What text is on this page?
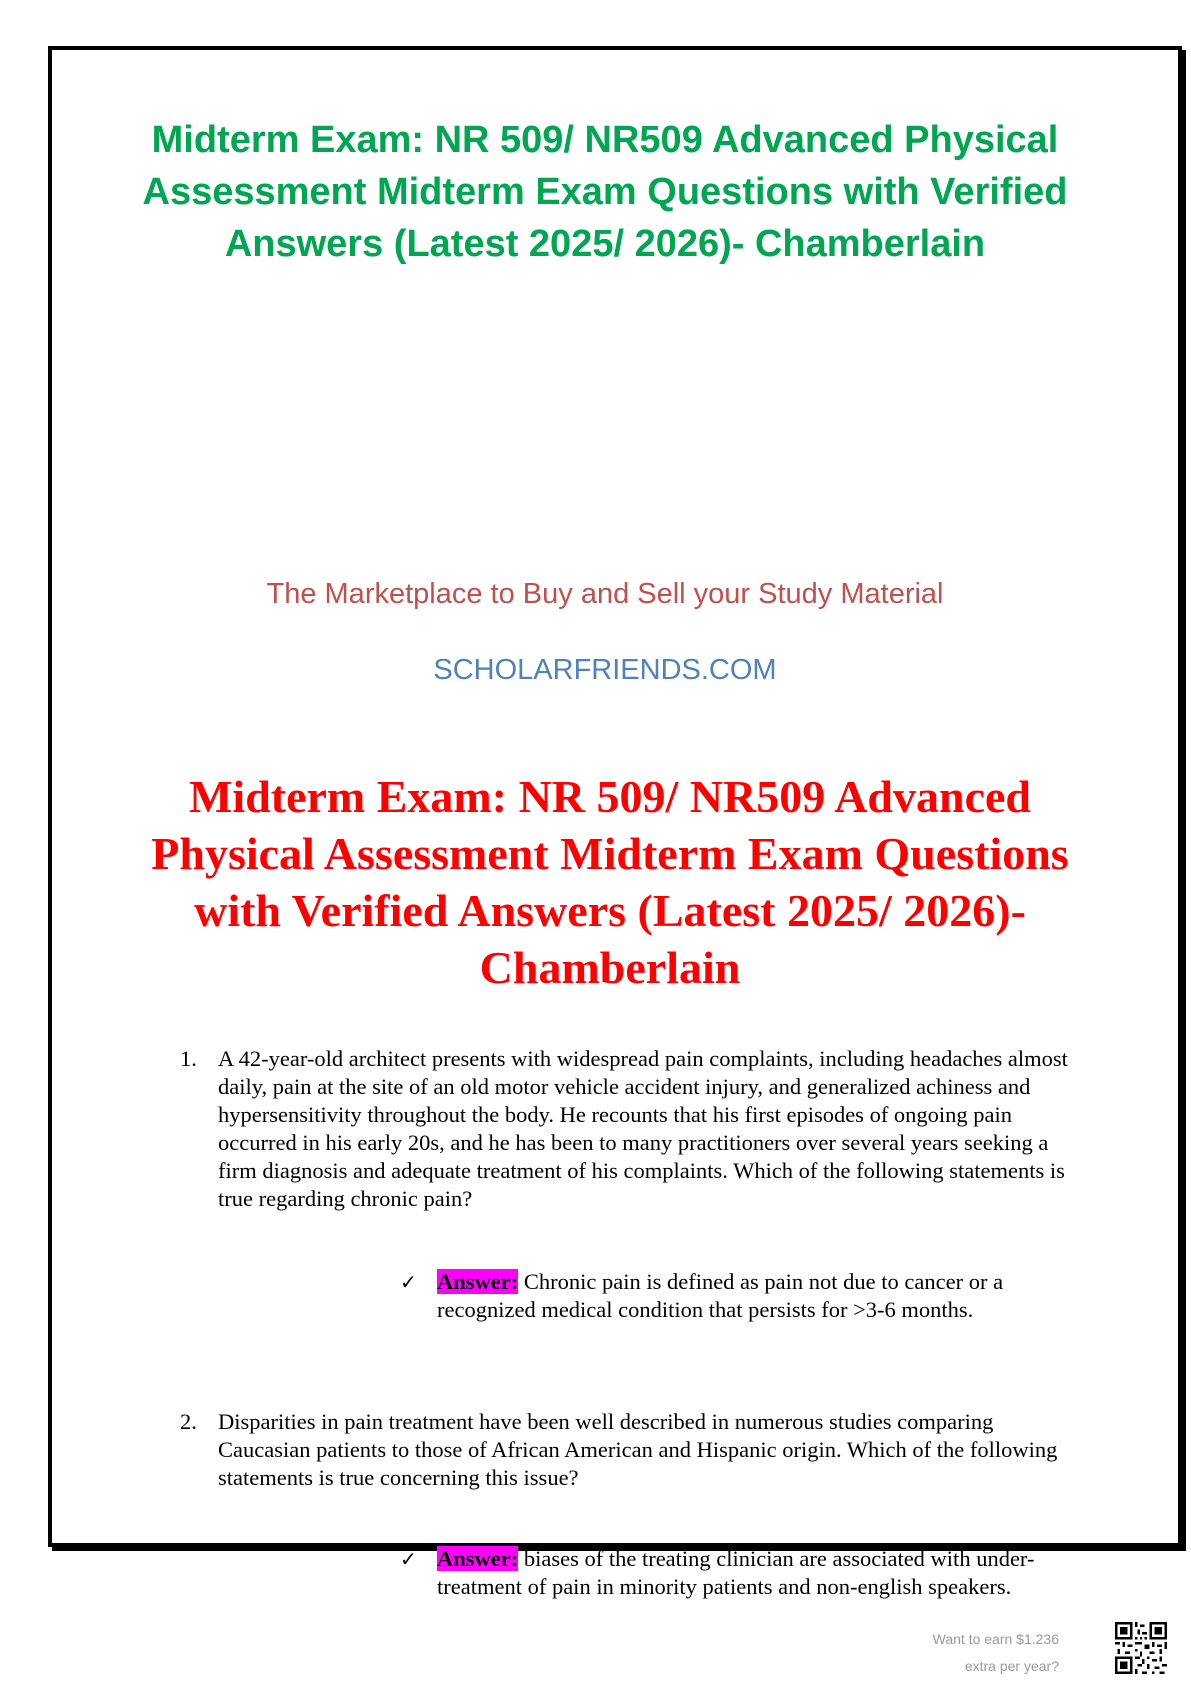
Midterm Exam: NR 509/ NR509 Advanced Physical Assessment Midterm Exam Questions with Verified Answers (Latest 2025/ 2026)- Chamberlain
The Marketplace to Buy and Sell your Study Material
SCHOLARFRIENDS.COM
Midterm Exam: NR 509/ NR509 Advanced Physical Assessment Midterm Exam Questions with Verified Answers (Latest 2025/ 2026)- Chamberlain
1. A 42-year-old architect presents with widespread pain complaints, including headaches almost daily, pain at the site of an old motor vehicle accident injury, and generalized achiness and hypersensitivity throughout the body. He recounts that his first episodes of ongoing pain occurred in his early 20s, and he has been to many practitioners over several years seeking a firm diagnosis and adequate treatment of his complaints. Which of the following statements is true regarding chronic pain?
✓ Answer: Chronic pain is defined as pain not due to cancer or a recognized medical condition that persists for >3-6 months.
2. Disparities in pain treatment have been well described in numerous studies comparing Caucasian patients to those of African American and Hispanic origin. Which of the following statements is true concerning this issue?
✓ Answer: biases of the treating clinician are associated with under-treatment of pain in minority patients and non-english speakers.
Want to earn $1.236
extra per year?
